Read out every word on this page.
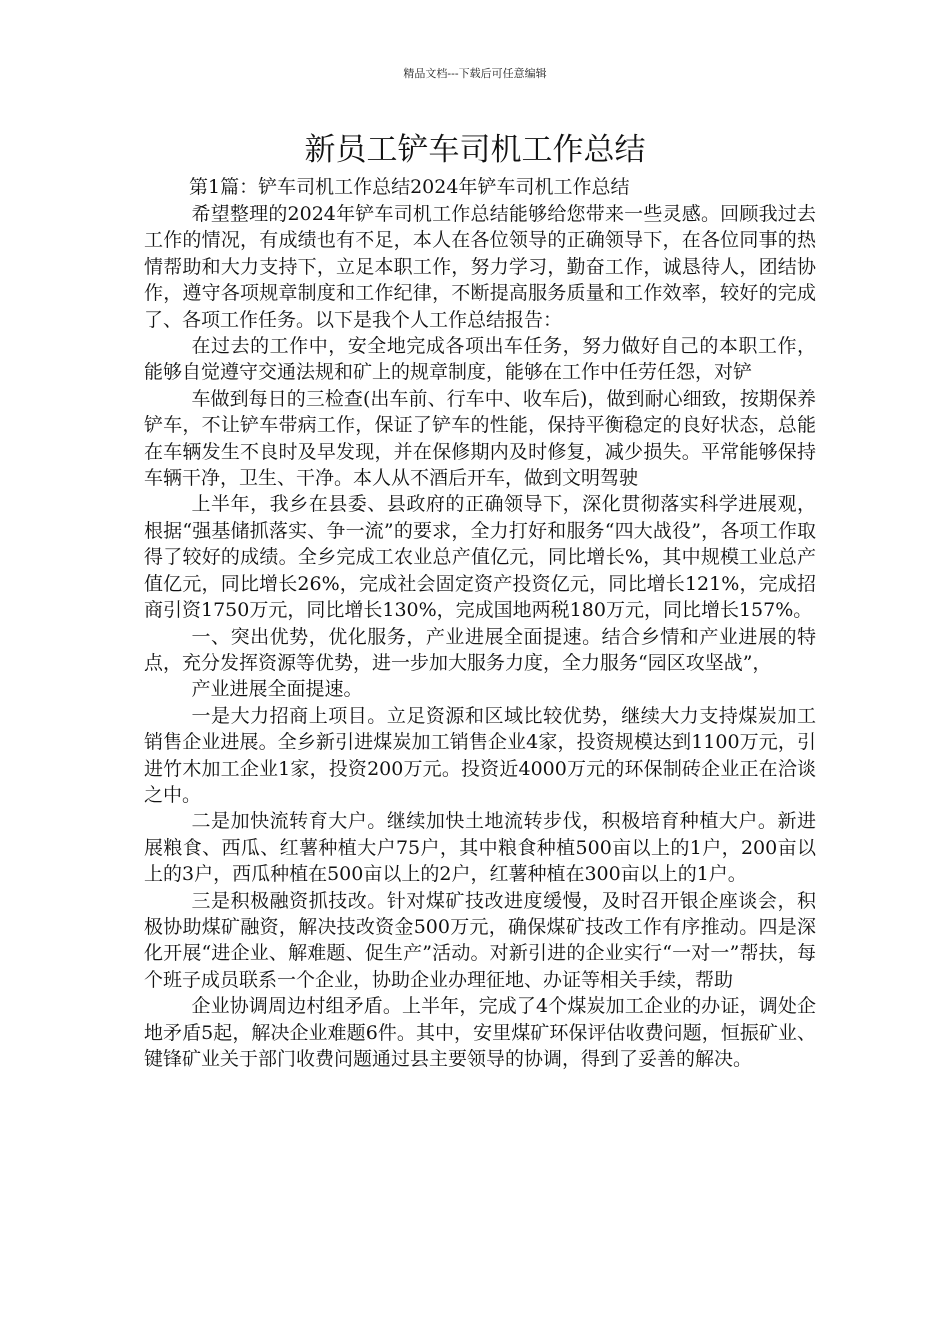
精品文档---下载后可任意编辑
新员工铲车司机工作总结
第1篇：铲车司机工作总结2024年铲车司机工作总结

希望整理的2024年铲车司机工作总结能够给您带来一些灵感。回顾我过去工作的情况，有成绩也有不足，本人在各位领导的正确领导下，在各位同事的热情帮助和大力支持下，立足本职工作，努力学习，勤奋工作，诚恳待人，团结协作，遵守各项规章制度和工作纪律，不断提高服务质量和工作效率，较好的完成了、各项工作任务。以下是我个人工作总结报告：

在过去的工作中，安全地完成各项出车任务，努力做好自己的本职工作，能够自觉遵守交通法规和矿上的规章制度，能够在工作中任劳任怨，对铲

车做到每日的三检查(出车前、行车中、收车后)，做到耐心细致，按期保养铲车，不让铲车带病工作，保证了铲车的性能，保持平衡稳定的良好状态，总能在车辆发生不良时及早发现，并在保修期内及时修复，减少损失。平常能够保持车辆干净，卫生、干净。本人从不酒后开车，做到文明驾驶

上半年，我乡在县委、县政府的正确领导下，深化贯彻落实科学进展观，根据“强基储抓落实、争一流”的要求，全力打好和服务“四大战役”，各项工作取得了较好的成绩。全乡完成工农业总产值亿元，同比增长%，其中规模工业总产值亿元，同比增长26%，完成社会固定资产投资亿元，同比增长121%，完成招商引资1750万元，同比增长130%，完成国地两税180万元，同比增长157%。

一、突出优势，优化服务，产业进展全面提速。结合乡情和产业进展的特点，充分发挥资源等优势，进一步加大服务力度，全力服务“园区攻坚战”，

产业进展全面提速。

一是大力招商上项目。立足资源和区域比较优势，继续大力支持煤炭加工销售企业进展。全乡新引进煤炭加工销售企业4家，投资规模达到1100万元，引进竹木加工企业1家，投资200万元。投资近4000万元的环保制砖企业正在洽谈之中。

二是加快流转育大户。继续加快土地流转步伐，积极培育种植大户。新进展粮食、西瓜、红薯种植大户75户，其中粮食种植500亩以上的1户，200亩以上的3户，西瓜种植在500亩以上的2户，红薯种植在300亩以上的1户。

三是积极融资抓技改。针对煤矿技改进度缓慢，及时召开银企座谈会，积极协助煤矿融资，解决技改资金500万元，确保煤矿技改工作有序推动。四是深化开展“进企业、解难题、促生产”活动。对新引进的企业实行“一对一”帮扶，每个班子成员联系一个企业，协助企业办理征地、办证等相关手续，帮助

企业协调周边村组矛盾。上半年，完成了4个煤炭加工企业的办证，调处企地矛盾5起，解决企业难题6件。其中，安里煤矿环保评估收费问题，恒振矿业、键锋矿业关于部门收费问题通过县主要领导的协调，得到了妥善的解决。
